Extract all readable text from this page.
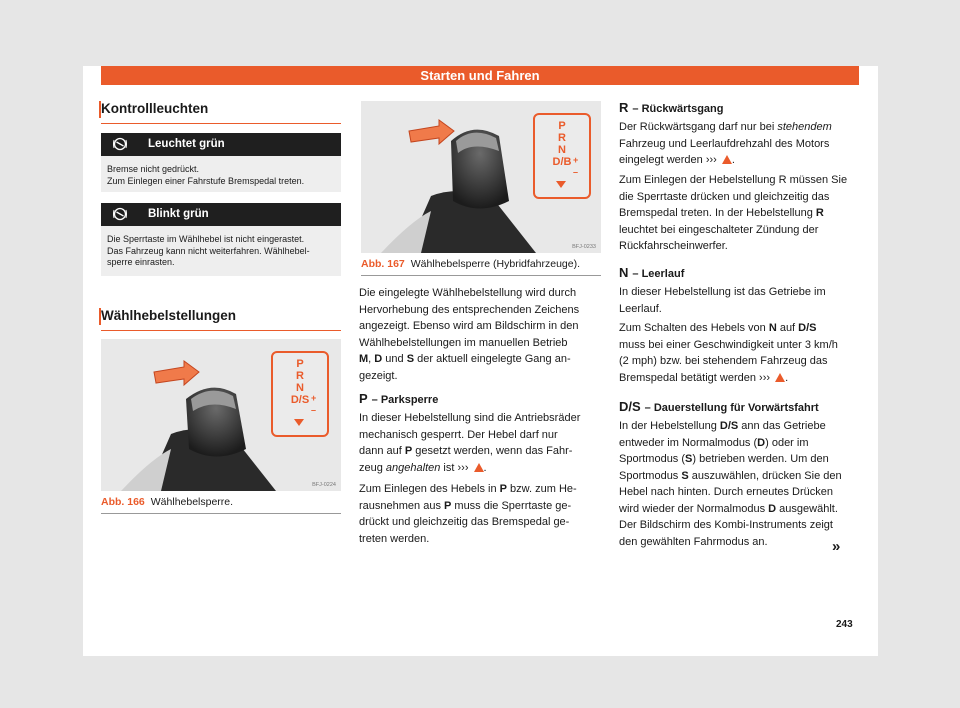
Starten und Fahren
Kontrollleuchten
Leuchtet grün
Bremse nicht gedrückt.
Zum Einlegen einer Fahrstufe Bremspedal treten.
Blinkt grün
Die Sperrtaste im Wählhebel ist nicht eingerastet.
Das Fahrzeug kann nicht weiterfahren. Wählhebel-
sperre einrasten.
Wählhebelstellungen
P
R
N
D/S +
–
BFJ-0224
Abb. 166 Wählhebelsperre.
P
R
N
D/B +
–
BFJ-0233
Abb. 167 Wählhebelsperre (Hybridfahrzeuge).
Die eingelegte Wählhebelstellung wird durch
Hervorhebung des entsprechenden Zeichens
angezeigt. Ebenso wird am Bildschirm in den
Wählhebelstellungen im manuellen Betrieb
M, D und S der aktuell eingelegte Gang an-
gezeigt.
P – Parksperre
In dieser Hebelstellung sind die Antriebsräder
mechanisch gesperrt. Der Hebel darf nur
dann auf P gesetzt werden, wenn das Fahr-
zeug angehalten ist ››› .
Zum Einlegen des Hebels in P bzw. zum He-
rausnehmen aus P muss die Sperrtaste ge-
drückt und gleichzeitig das Bremspedal ge-
treten werden.
R – Rückwärtsgang
Der Rückwärtsgang darf nur bei stehendem
Fahrzeug und Leerlaufdrehzahl des Motors
eingelegt werden ››› .
Zum Einlegen der Hebelstellung R müssen Sie
die Sperrtaste drücken und gleichzeitig das
Bremspedal treten. In der Hebelstellung R
leuchtet bei eingeschalteter Zündung der
Rückfahrscheinwerfer.
N – Leerlauf
In dieser Hebelstellung ist das Getriebe im
Leerlauf.
Zum Schalten des Hebels von N auf D/S
muss bei einer Geschwindigkeit unter 3 km/h
(2 mph) bzw. bei stehendem Fahrzeug das
Bremspedal betätigt werden ››› .
D/S – Dauerstellung für Vorwärtsfahrt
In der Hebelstellung D/S ann das Getriebe
entweder im Normalmodus (D) oder im
Sportmodus (S) betrieben werden. Um den
Sportmodus S auszuwählen, drücken Sie den
Hebel nach hinten. Durch erneutes Drücken
wird wieder der Normalmodus D ausgewählt.
Der Bildschirm des Kombi-Instruments zeigt
den gewählten Fahrmodus an.	»
243
